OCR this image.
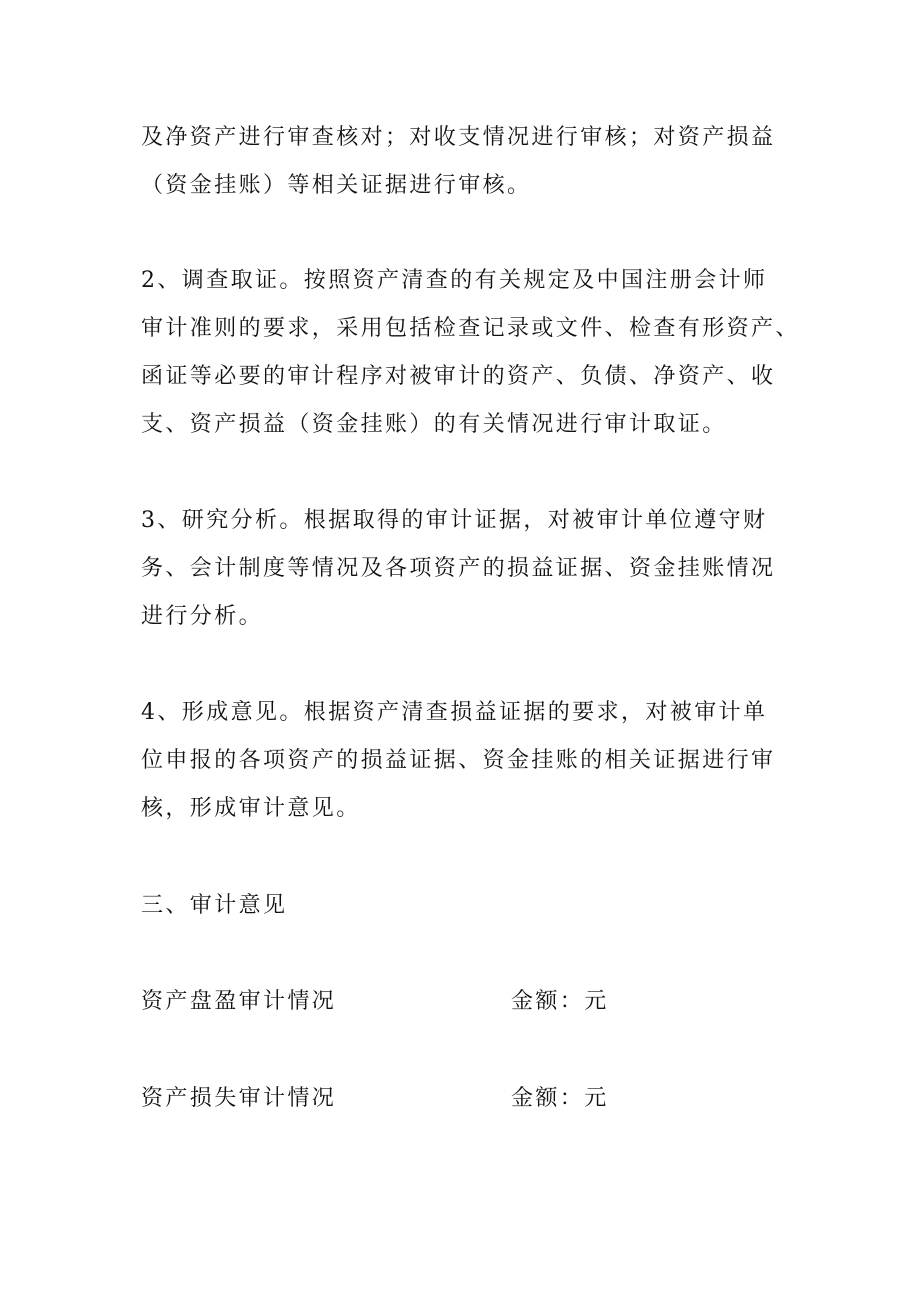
及净资产进行审查核对；对收支情况进行审核；对资产损益
（资金挂账）等相关证据进行审核。
2、调查取证。按照资产清查的有关规定及中国注册会计师
审计准则的要求，采用包括检查记录或文件、检查有形资产、
函证等必要的审计程序对被审计的资产、负债、净资产、收
支、资产损益（资金挂账）的有关情况进行审计取证。
3、研究分析。根据取得的审计证据，对被审计单位遵守财
务、会计制度等情况及各项资产的损益证据、资金挂账情况
进行分析。
4、形成意见。根据资产清查损益证据的要求，对被审计单
位申报的各项资产的损益证据、资金挂账的相关证据进行审
核，形成审计意见。
三、审计意见
资产盘盈审计情况	金额：元
资产损失审计情况	金额：元
